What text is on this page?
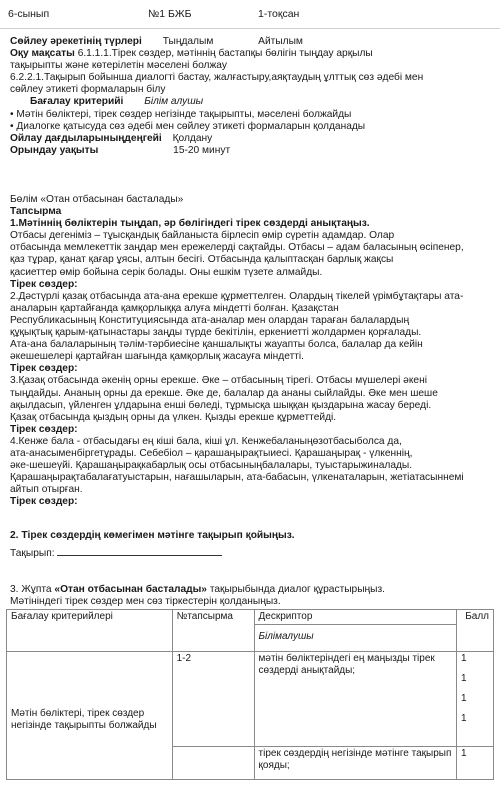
6-сынып	№1 БЖБ	1-тоқсан

Сөйлеу әрекетінің түрлері Тыңдалым	Айтылым

Оқу мақсаты 6.1.1.1.Тірек сөздер, мәтіннің бастапқы бөлігін тыңдау арқылы

тақырыпты және көтерілетін мәселені болжау

6.2.2.1.Тақырып бойынша диалогті бастау, жалғастыру,аяқтаудың ұлттық сөз әдебі мен

сөйлеу этикеті формаларын білу

Бағалау критерийі Білім алушы

• Мәтін бөліктері, тірек сөздер негізінде тақырыпты, мәселені болжайды

• Диалогке қатысуда сөз әдебі мен сөйлеу этикеті формаларын қолданады

Ойлау дағдыларыныңдеңгейі Қолдану

Орындау уақыты	15-20 минут

Бөлім «Отан отбасынан басталады»

Тапсырма

1.Мәтіннің бөліктерін тыңдап, әр бөлігіндегі тірек сөздерді анықтаңыз.

Отбасы дегеніміз – тұысқандық байланыста бірлесіп өмір сүретін адамдар. Олар

отбасында мемлекеттік заңдар мен ережелерді сақтайды. Отбасы – адам баласының өсіпенер,

қаз тұрар, қанат қағар ұясы, алтын бесігі. Отбасында қалыптасқан барлық жақсы

қасиеттер өмір бойына серік болады. Оны ешкім түзете алмайды.

Тірек сөздер:

2.Дәстүрлі қазақ отбасында ата-ана ерекше құрметтелген. Олардың тікелей үрімбұтақтары ата-

аналарын қартайғанда қамқорлыққа алуға міндетті болған. Қазақстан

Республикасының Конституциясында ата-аналар мен олардан тараған балалардың

құқықтық қарым-қатынастары заңды түрде бекітілін, еркениетті жолдармен қорғалады.

Ата-ана балаларының тәлім-тәрбиесіне қаншалықты жауапты болса, балалар да кейін

әкешешелері қартайған шағында қамқорлық жасауға міндетті.

Тірек сөздер:

3.Қазақ отбасында әкенің орны ерекше. Әке – отбасының тірегі. Отбасы мүшелері әкені

тыңдайды. Ананың орны да ерекше. Әке де, балалар да ананы сыйлайды. Әке мен шеше

ақылдасып, үйленген ұлдарына енші бөледі, тұрмысқа шыққан қыздарына жасау береді.

Қазақ отбасында қыздың орны да үлкен. Қызды ерекше құрметтейді.

Тірек сөздер:

4.Кенже бала - отбасыдағы ең кіші бала, кіші ұл. Кенжебаланыңөзотбасыболса да,

ата-анасыменбіргетұрады. Себебіол – қарашаңырақтыиесі. Қарашаңырақ - үлкеннің,

әке-шешеүйі. Қарашаңырақкабарлық осы отбасыныңбалалары, туыстарыжиналады.

Қарашаңырақтабалағатуыстарын, нағашыларын, ата-бабасын, үлкенаталарын, жетіатасыннемі

айтып отырған.

Тірек сөздер:

2. Тірек сөздердің көмегімен мәтінге тақырып қойыңыз.

Тақырып:

3. Жұпта «Отан отбасынан басталады» тақырыбында диалог құрастырыңыз.

Мәтініндегі тірек сөздер мен сөз тіркестерін қолданыңыз.

Бағалау критерийлері	№тапсырма	Дескриптор	Балл
		Білімалушы	
Мәтін бөліктері, тірек сөздер негізінде тақырыпты болжайды	1-2	мәтін бөліктеріндегі ең маңызды тірек сөздерді анықтайды;	1
1
1
1

		тірек сөздердің негізінде мәтінге тақырып қояды;	1
